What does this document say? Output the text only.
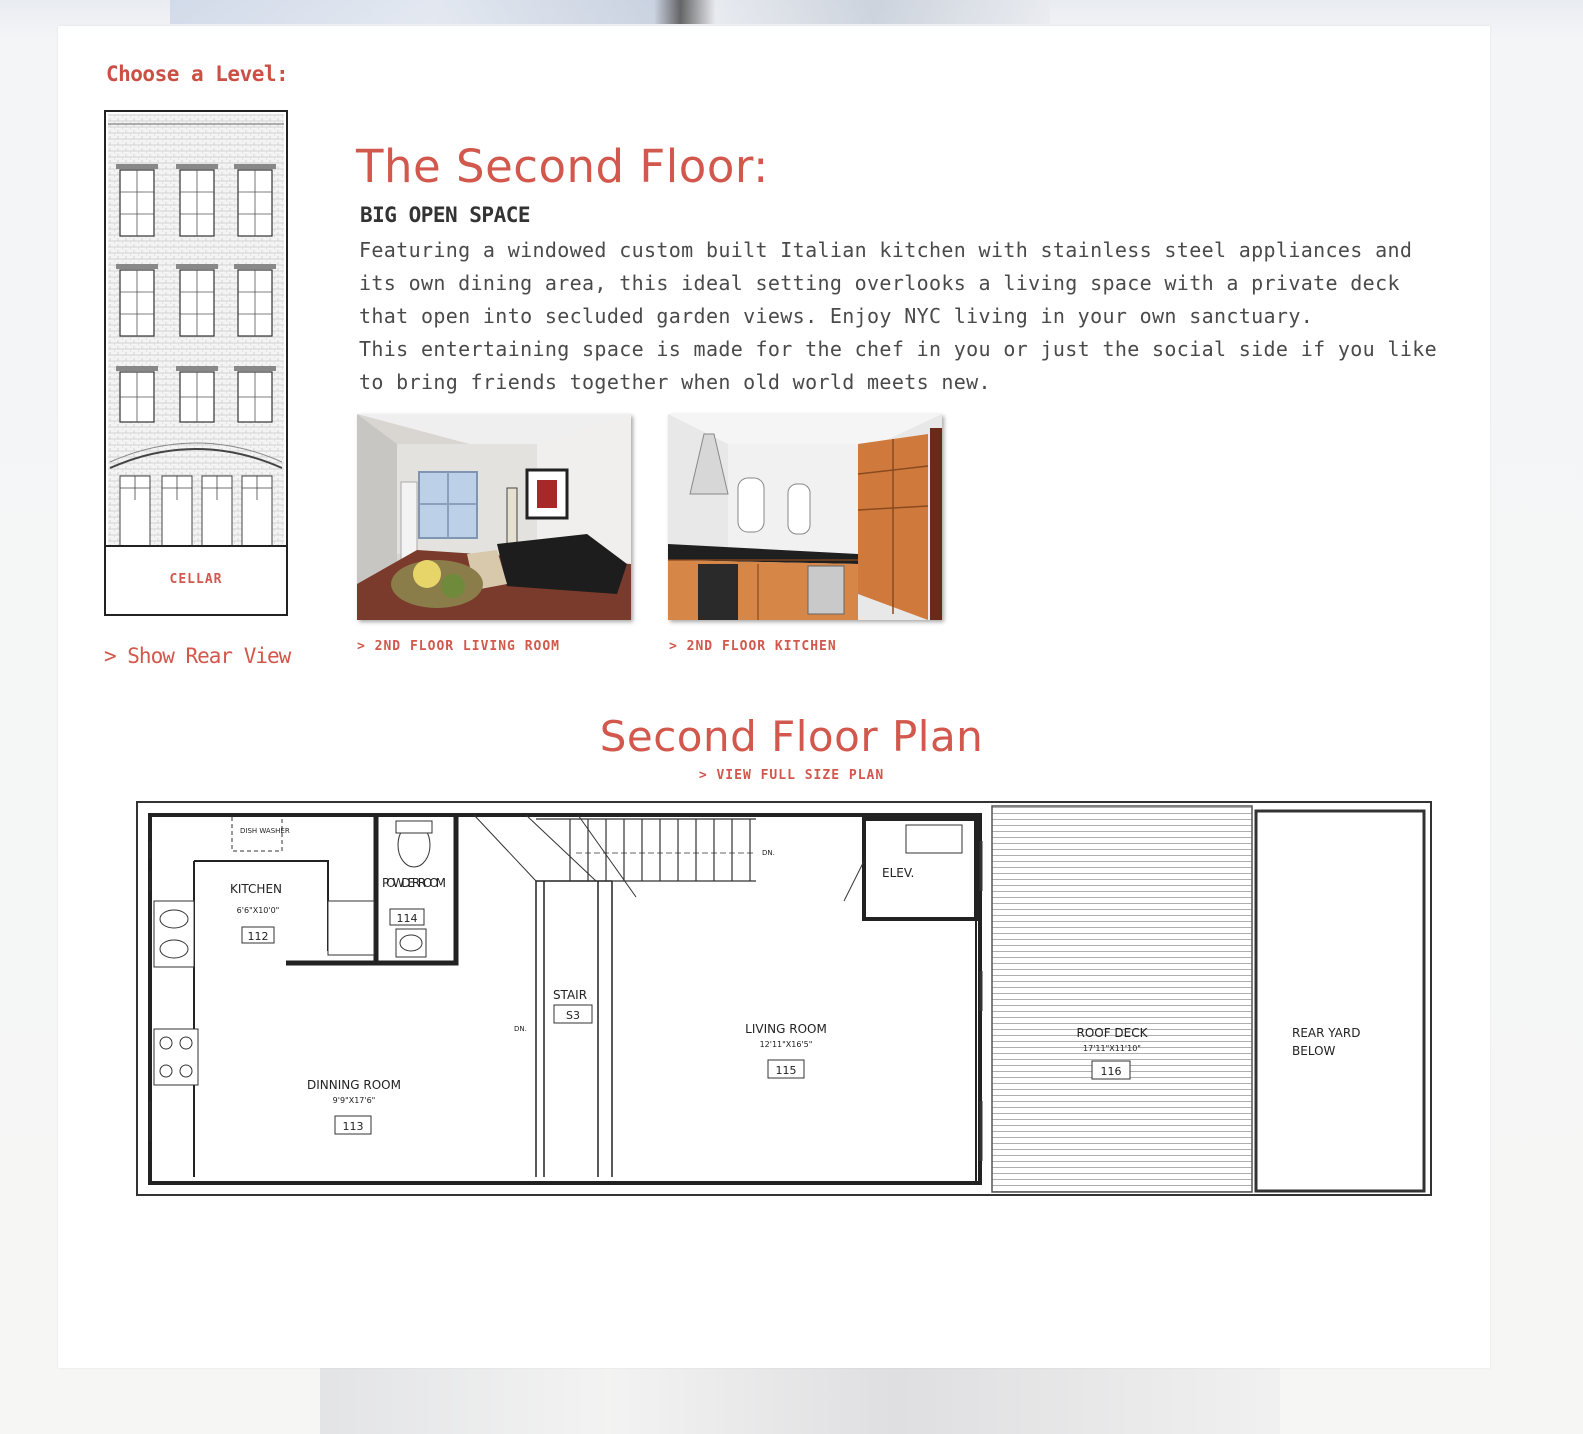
Choose a Level:
CELLAR
> Show Rear View
The Second Floor:
BIG OPEN SPACE

Featuring a windowed custom built Italian kitchen with stainless steel appliances and its own dining area, this ideal setting overlooks a living space with a private deck that open into secluded garden views. Enjoy NYC living in your own sanctuary.

This entertaining space is made for the chef in you or just the social side if you like to bring friends together when old world meets new.

> 2ND FLOOR LIVING ROOM	> 2ND FLOOR KITCHEN
Second Floor Plan
> VIEW FULL SIZE PLAN
DISH WASHER
KITCHEN
6'6"X10'0"
112
POWDER ROOM
114
ELEV.
STAIR
S3
LIVING ROOM
12'11"X16'5"
115
DINNING ROOM
9'9"X17'6"
113
ROOF DECK
17'11"X11'10"
116
REAR YARD
BELOW
DN.
DN.
